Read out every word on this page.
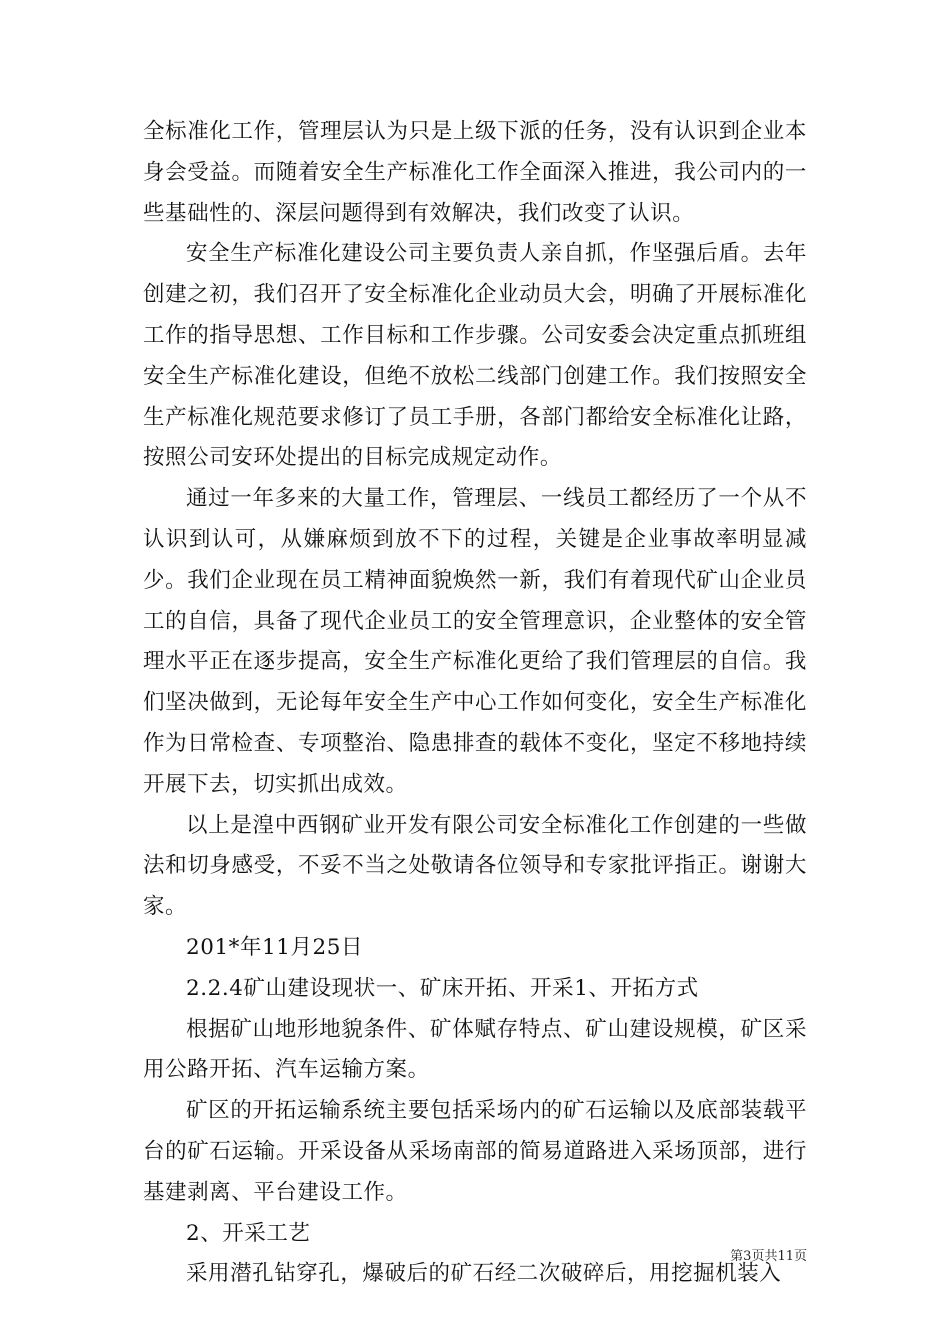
全标准化工作，管理层认为只是上级下派的任务，没有认识到企业本身会受益。而随着安全生产标准化工作全面深入推进，我公司内的一些基础性的、深层问题得到有效解决，我们改变了认识。

安全生产标准化建设公司主要负责人亲自抓，作坚强后盾。去年创建之初，我们召开了安全标准化企业动员大会，明确了开展标准化工作的指导思想、工作目标和工作步骤。公司安委会决定重点抓班组安全生产标准化建设，但绝不放松二线部门创建工作。我们按照安全生产标准化规范要求修订了员工手册，各部门都给安全标准化让路，按照公司安环处提出的目标完成规定动作。

通过一年多来的大量工作，管理层、一线员工都经历了一个从不认识到认可，从嫌麻烦到放不下的过程，关键是企业事故率明显减少。我们企业现在员工精神面貌焕然一新，我们有着现代矿山企业员工的自信，具备了现代企业员工的安全管理意识，企业整体的安全管理水平正在逐步提高，安全生产标准化更给了我们管理层的自信。我们坚决做到，无论每年安全生产中心工作如何变化，安全生产标准化作为日常检查、专项整治、隐患排查的载体不变化，坚定不移地持续开展下去，切实抓出成效。

以上是湟中西钢矿业开发有限公司安全标准化工作创建的一些做法和切身感受，不妥不当之处敬请各位领导和专家批评指正。谢谢大家。

201*年11月25日

2.2.4矿山建设现状一、矿床开拓、开采1、开拓方式

根据矿山地形地貌条件、矿体赋存特点、矿山建设规模，矿区采用公路开拓、汽车运输方案。

矿区的开拓运输系统主要包括采场内的矿石运输以及底部装载平台的矿石运输。开采设备从采场南部的简易道路进入采场顶部，进行基建剥离、平台建设工作。

2、开采工艺

采用潜孔钻穿孔，爆破后的矿石经二次破碎后，用挖掘机装入

第3页共11页
